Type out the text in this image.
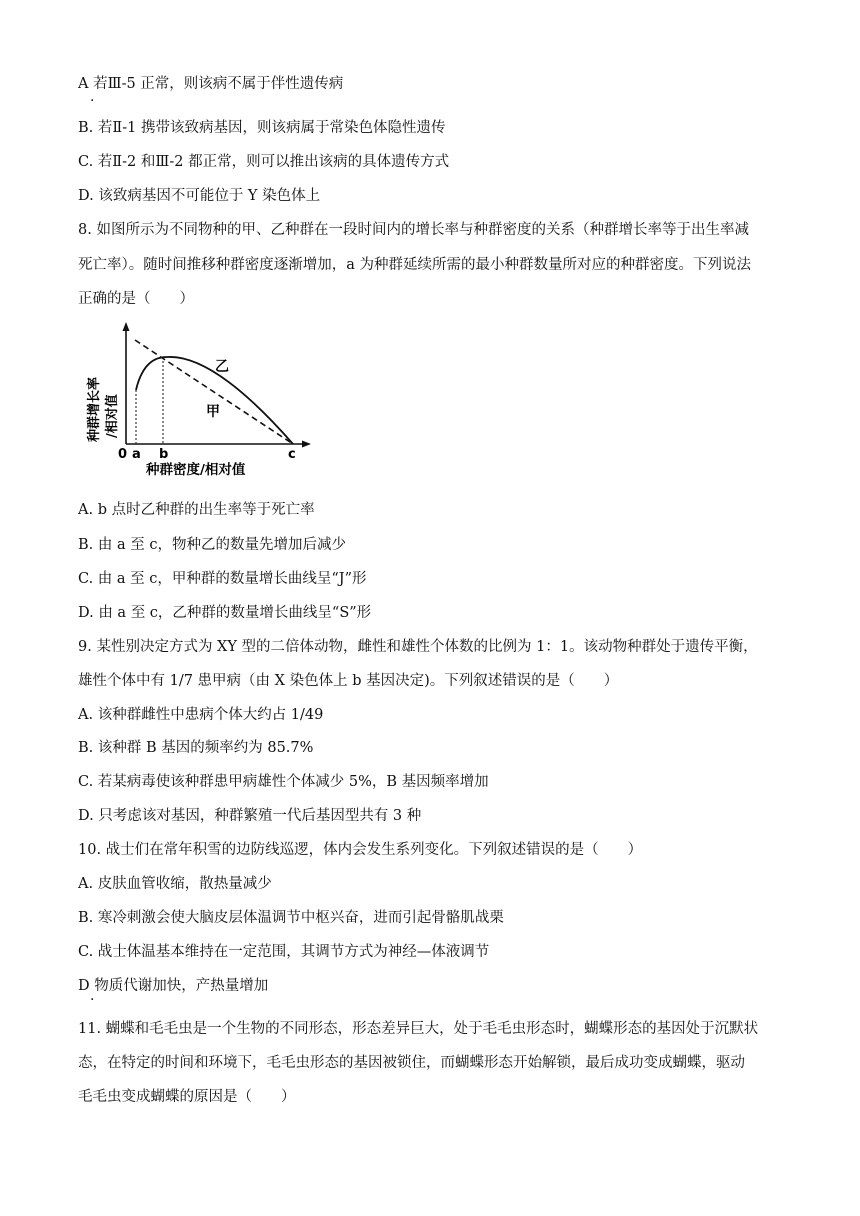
A 若Ⅲ-5 正常，则该病不属于伴性遗传病
·
B. 若Ⅱ-1 携带该致病基因，则该病属于常染色体隐性遗传
C. 若Ⅱ-2 和Ⅲ-2 都正常，则可以推出该病的具体遗传方式
D. 该致病基因不可能位于 Y 染色体上
8. 如图所示为不同物种的甲、乙种群在一段时间内的增长率与种群密度的关系（种群增长率等于出生率减
死亡率）。随时间推移种群密度逐渐增加，a 为种群延续所需的最小种群数量所对应的种群密度。下列说法
正确的是（　　）
乙
甲
0 a b	c
种群密度/相对值
种群增长率 /相对值
A. b 点时乙种群的出生率等于死亡率
B. 由 a 至 c，物种乙的数量先增加后减少
C. 由 a 至 c，甲种群的数量增长曲线呈“J”形
D. 由 a 至 c，乙种群的数量增长曲线呈“S”形
9. 某性别决定方式为 XY 型的二倍体动物，雌性和雄性个体数的比例为 1：1。该动物种群处于遗传平衡，
雄性个体中有 1/7 患甲病（由 X 染色体上 b 基因决定)。下列叙述错误的是（　　）
A. 该种群雌性中患病个体大约占 1/49
B. 该种群 B 基因的频率约为 85.7%
C. 若某病毒使该种群患甲病雄性个体减少 5%，B 基因频率增加
D. 只考虑该对基因，种群繁殖一代后基因型共有 3 种
10. 战士们在常年积雪的边防线巡逻，体内会发生系列变化。下列叙述错误的是（　　）
A. 皮肤血管收缩，散热量减少
B. 寒冷刺激会使大脑皮层体温调节中枢兴奋，进而引起骨骼肌战栗
C. 战士体温基本维持在一定范围，其调节方式为神经—体液调节
D 物质代谢加快，产热量增加
·
11. 蝴蝶和毛毛虫是一个生物的不同形态，形态差异巨大，处于毛毛虫形态时，蝴蝶形态的基因处于沉默状
态，在特定的时间和环境下，毛毛虫形态的基因被锁住，而蝴蝶形态开始解锁，最后成功变成蝴蝶，驱动
毛毛虫变成蝴蝶的原因是（　　）
